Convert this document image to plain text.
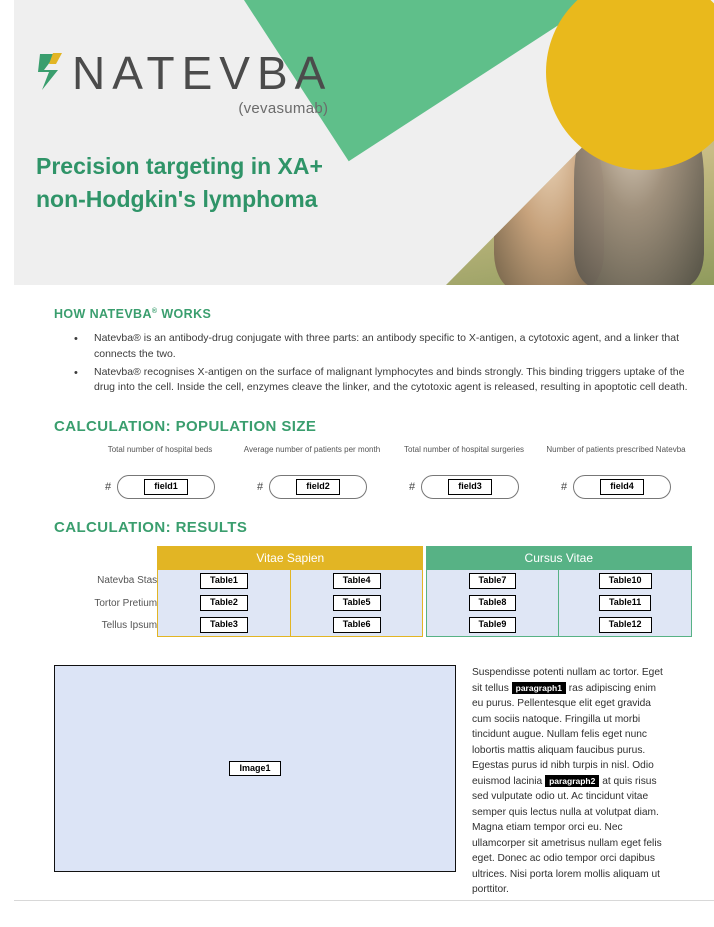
NATEVBA
(vevasumab)
Precision targeting in XA+
non-Hodgkin's lymphoma
HOW NATEVBA® WORKS
• Natevba® is an antibody-drug conjugate with three parts: an antibody specific to X-antigen, a cytotoxic agent, and a linker that connects the two.
• Natevba® recognises X-antigen on the surface of malignant lymphocytes and binds strongly. This binding triggers uptake of the drug into the cell. Inside the cell, enzymes cleave the linker, and the cytotoxic agent is released, resulting in apoptotic cell death.
CALCULATION: POPULATION SIZE
Total number of hospital beds
#	field1
Average number of patients per month
#	field2
Total number of hospital surgeries
#	field3
Number of patients prescribed Natevba
#	field4
CALCULATION: RESULTS
	Vitae Sapien			Cursus Vitae	
Natevba Stas	Table1	Table4		Table7	Table10

Tortor Pretium	Table2	Table5		Table8	Table11

Tellus Ipsum	Table3	Table6		Table9	Table12
Image1
Suspendisse potenti nullam ac tortor. Eget sit tellus paragraph1 ras adipiscing enim eu purus. Pellentesque elit eget gravida cum sociis natoque. Fringilla ut morbi tincidunt augue. Nullam felis eget nunc lobortis mattis aliquam faucibus purus. Egestas purus id nibh turpis in nisl. Odio euismod lacinia paragraph2 at quis risus sed vulputate odio ut. Ac tincidunt vitae semper quis lectus nulla at volutpat diam. Magna etiam tempor orci eu. Nec ullamcorper sit ametrisus nullam eget felis eget. Donec ac odio tempor orci dapibus ultrices. Nisi porta lorem mollis aliquam ut porttitor.
